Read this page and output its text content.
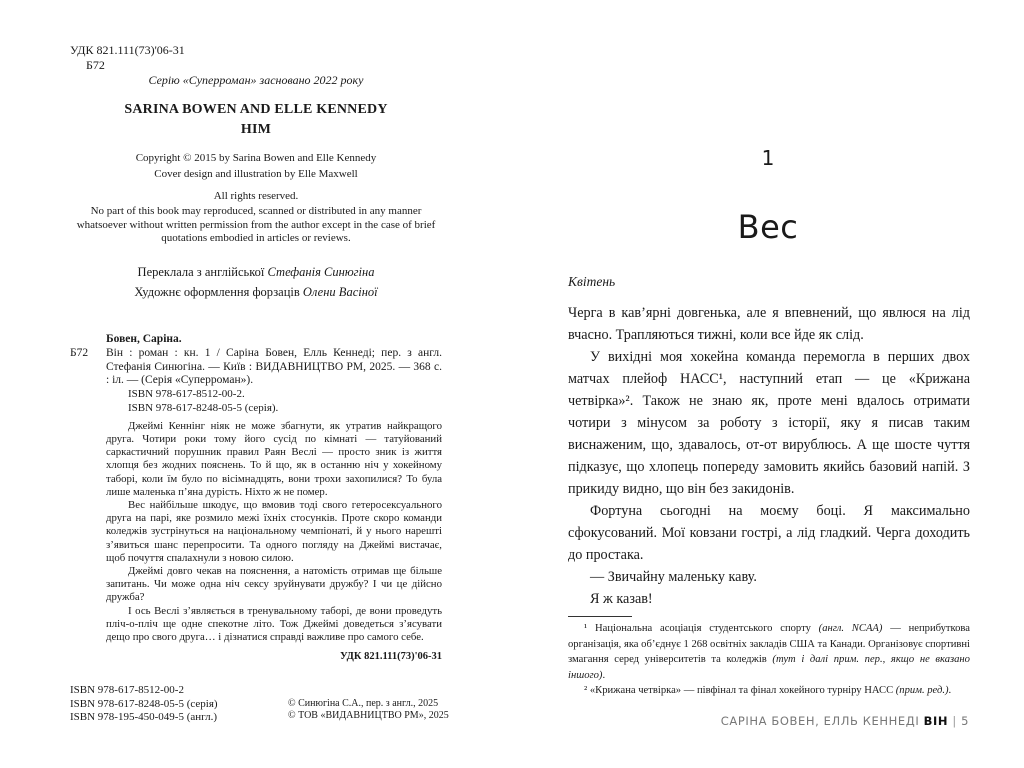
УДК 821.111(73)'06-31
Б72
Серію «Суперроман» засновано 2022 року
SARINA BOWEN AND ELLE KENNEDY
HIM
Copyright © 2015 by Sarina Bowen and Elle Kennedy
Cover design and illustration by Elle Maxwell
All rights reserved.
No part of this book may reproduced, scanned or distributed in any manner whatsoever without written permission from the author except in the case of brief quotations embodied in articles or reviews.
Переклала з англійської Стефанія Синюгіна
Художнє оформлення форзаців Олени Васіної
Б72
Бовен, Саріна.
Він : роман : кн. 1 / Саріна Бовен, Елль Кеннеді; пер. з англ. Стефанія Синюгіна. — Київ : ВИДАВНИЦТВО РМ, 2025. — 368 с. : іл. — (Серія «Суперроман»).
ISBN 978-617-8512-00-2.
ISBN 978-617-8248-05-5 (серія).

Джеймі Кеннінг ніяк не може збагнути, як утратив найкращого друга. Чотири роки тому його сусід по кімнаті — татуйований саркастичний порушник правил Раян Веслі — просто зник із життя хлопця без жодних пояснень. То й що, як в останню ніч у хокейному таборі, коли їм було по вісімнадцять, вони трохи захопилися? То була лише маленька п’яна дурість. Ніхто ж не помер.

Вес найбільше шкодує, що вмовив тоді свого гетеросексуального друга на парі, яке розмило межі їхніх стосунків. Проте скоро команди коледжів зустрінуться на національному чемпіонаті, й у нього нарешті з’явиться шанс перепросити. Та одного погляду на Джеймі вистачає, щоб почуття спалахнули з новою силою.

Джеймі довго чекав на пояснення, а натомість отримав ще більше запитань. Чи може одна ніч сексу зруйнувати дружбу? І чи це дійсно дружба?

І ось Веслі з’являється в тренувальному таборі, де вони проведуть пліч-о-пліч ще одне спекотне літо. Тож Джеймі доведеться з’ясувати дещо про свого друга… і дізнатися справді важливе про самого себе.

УДК 821.111(73)'06-31
ISBN 978-617-8512-00-2
ISBN 978-617-8248-05-5 (серія)
ISBN 978-195-450-049-5 (англ.)
© Синюгіна С.А., пер. з англ., 2025
© ТОВ «ВИДАВНИЦТВО РМ», 2025
1
Вес
Квітень

Черга в кав’ярні довгенька, але я впевнений, що явлюся на лід вчасно. Трапляються тижні, коли все йде як слід.

У вихідні моя хокейна команда перемогла в перших двох матчах плейоф НАСС¹, наступний етап — це «Крижана четвірка»². Також не знаю як, проте мені вдалось отримати чотири з мінусом за роботу з історії, яку я писав таким виснаженим, що, здавалось, от-от вирублюсь. А ще шосте чуття підказує, що хлопець попереду замовить якийсь базовий напій. З прикиду видно, що він без закидонів.

Фортуна сьогодні на моєму боці. Я максимально сфокусований. Мої ковзани гострі, а лід гладкий. Черга доходить до простака.

— Звичайну маленьку каву.

Я ж казав!

¹ Національна асоціація студентського спорту (англ. NCAA) — неприбуткова організація, яка об’єднує 1 268 освітніх закладів США та Канади. Організовує спортивні змагання серед університетів та коледжів (тут і далі прим. пер., якщо не вказано іншого).

² «Крижана четвірка» — півфінал та фінал хокейного турніру НАСС (прим. ред.).

САРІНА БОВЕН, ЕЛЛЬ КЕННЕДІ ВІН | 5
